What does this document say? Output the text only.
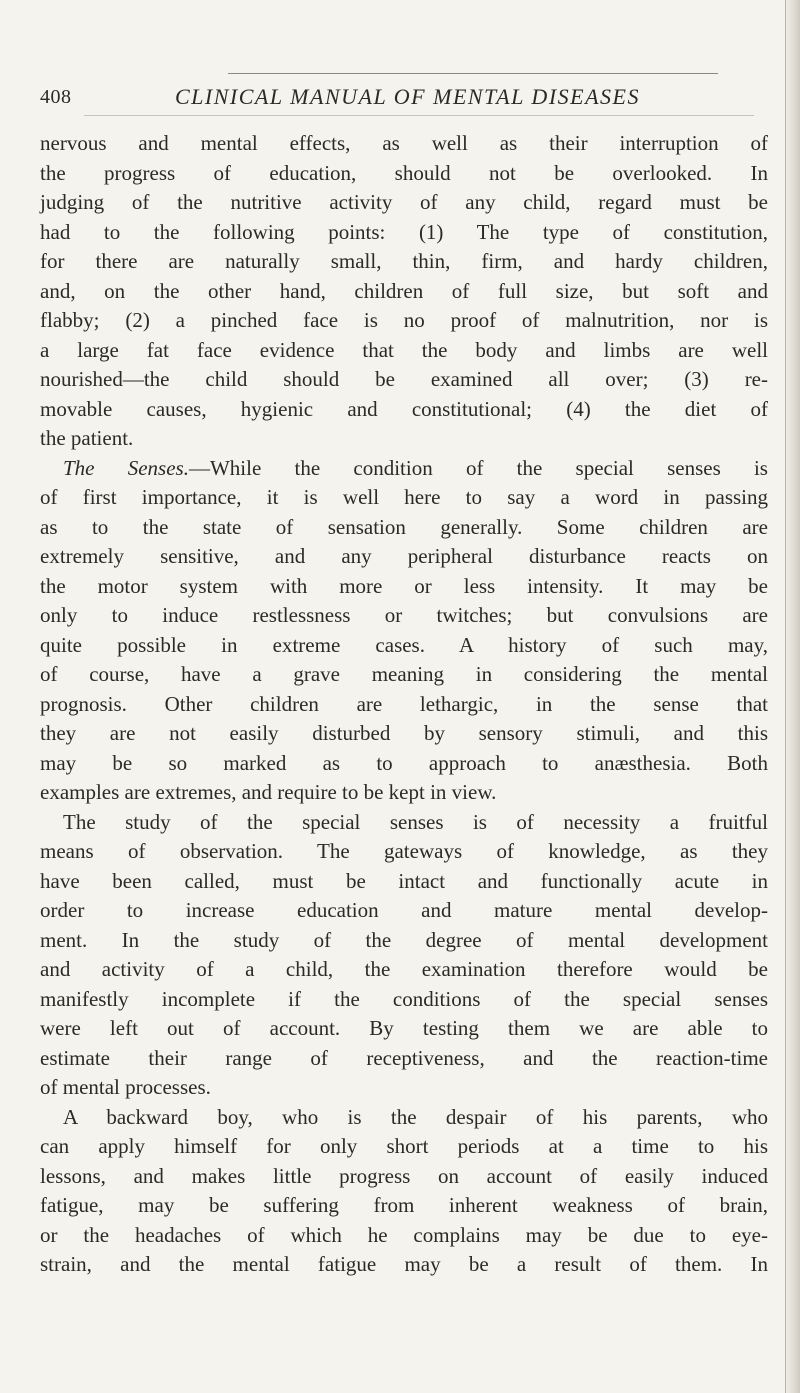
408	CLINICAL MANUAL OF MENTAL DISEASES
nervous and mental effects, as well as their interruption of
the progress of education, should not be overlooked. In
judging of the nutritive activity of any child, regard must be
had to the following points: (1) The type of constitution,
for there are naturally small, thin, firm, and hardy children,
and, on the other hand, children of full size, but soft and
flabby; (2) a pinched face is no proof of malnutrition, nor is
a large fat face evidence that the body and limbs are well
nourished—the child should be examined all over; (3) re-
movable causes, hygienic and constitutional; (4) the diet of
the patient.
The Senses.—While the condition of the special senses is
of first importance, it is well here to say a word in passing
as to the state of sensation generally. Some children are
extremely sensitive, and any peripheral disturbance reacts on
the motor system with more or less intensity. It may be
only to induce restlessness or twitches; but convulsions are
quite possible in extreme cases. A history of such may,
of course, have a grave meaning in considering the mental
prognosis. Other children are lethargic, in the sense that
they are not easily disturbed by sensory stimuli, and this
may be so marked as to approach to anæsthesia. Both
examples are extremes, and require to be kept in view.
The study of the special senses is of necessity a fruitful
means of observation. The gateways of knowledge, as they
have been called, must be intact and functionally acute in
order to increase education and mature mental develop-
ment. In the study of the degree of mental development
and activity of a child, the examination therefore would be
manifestly incomplete if the conditions of the special senses
were left out of account. By testing them we are able to
estimate their range of receptiveness, and the reaction-time
of mental processes.
A backward boy, who is the despair of his parents, who
can apply himself for only short periods at a time to his
lessons, and makes little progress on account of easily induced
fatigue, may be suffering from inherent weakness of brain,
or the headaches of which he complains may be due to eye-
strain, and the mental fatigue may be a result of them. In
